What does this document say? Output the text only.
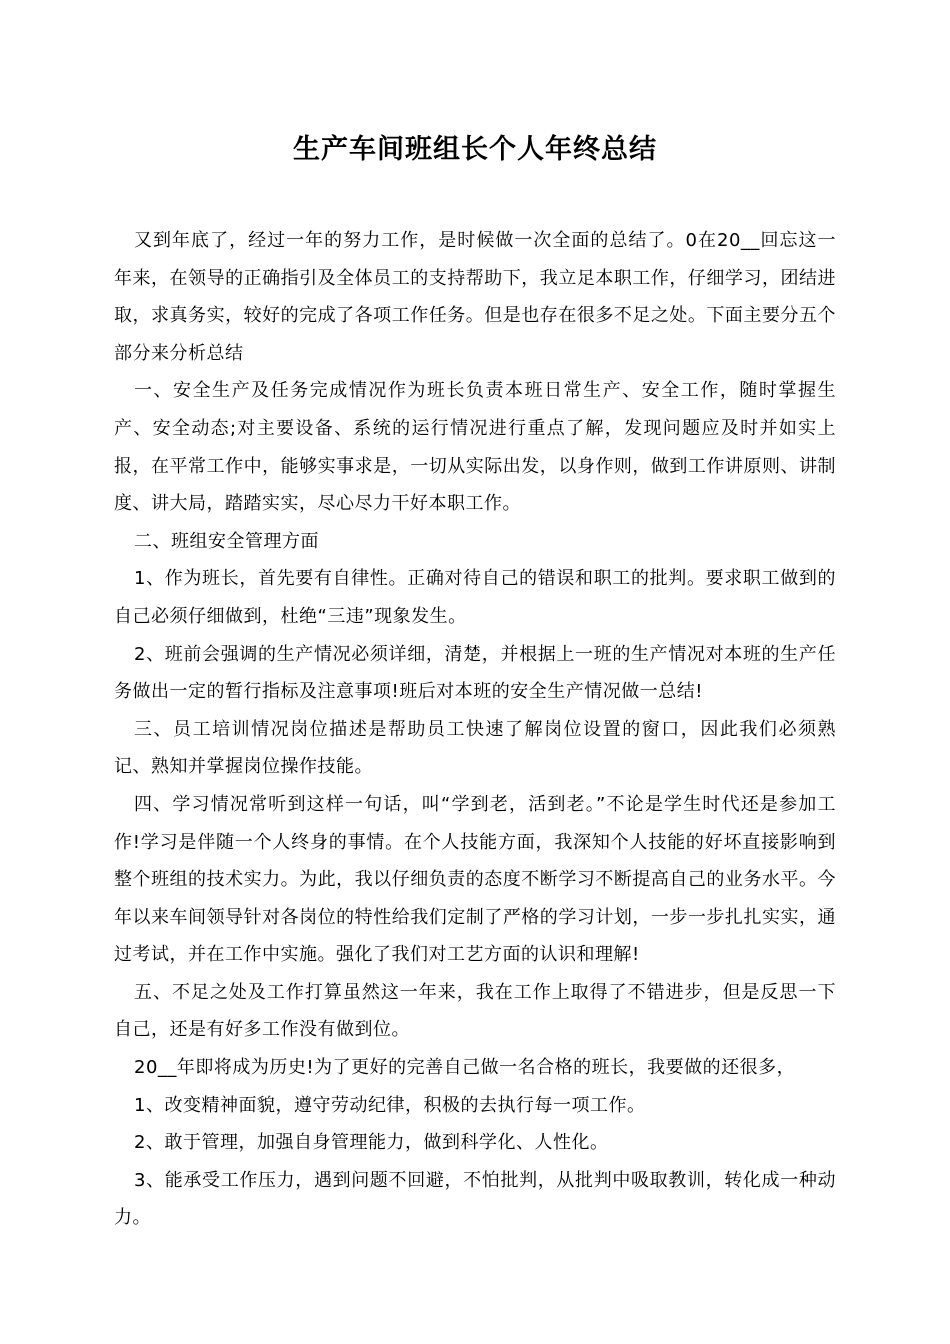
生产车间班组长个人年终总结

又到年底了，经过一年的努力工作，是时候做一次全面的总结了。0在20__回忘这一年来，在领导的正确指引及全体员工的支持帮助下，我立足本职工作，仔细学习，团结进取，求真务实，较好的完成了各项工作任务。但是也存在很多不足之处。下面主要分五个部分来分析总结

一、安全生产及任务完成情况作为班长负责本班日常生产、安全工作，随时掌握生产、安全动态;对主要设备、系统的运行情况进行重点了解，发现问题应及时并如实上报，在平常工作中，能够实事求是，一切从实际出发，以身作则，做到工作讲原则、讲制度、讲大局，踏踏实实，尽心尽力干好本职工作。

二、班组安全管理方面

1、作为班长，首先要有自律性。正确对待自己的错误和职工的批判。要求职工做到的自己必须仔细做到，杜绝“三违”现象发生。

2、班前会强调的生产情况必须详细，清楚，并根据上一班的生产情况对本班的生产任务做出一定的暂行指标及注意事项!班后对本班的安全生产情况做一总结!

三、员工培训情况岗位描述是帮助员工快速了解岗位设置的窗口，因此我们必须熟记、熟知并掌握岗位操作技能。

四、学习情况常听到这样一句话，叫“学到老，活到老。”不论是学生时代还是参加工作!学习是伴随一个人终身的事情。在个人技能方面，我深知个人技能的好坏直接影响到整个班组的技术实力。为此，我以仔细负责的态度不断学习不断提高自己的业务水平。今年以来车间领导针对各岗位的特性给我们定制了严格的学习计划，一步一步扎扎实实，通过考试，并在工作中实施。强化了我们对工艺方面的认识和理解!

五、不足之处及工作打算虽然这一年来，我在工作上取得了不错进步，但是反思一下自己，还是有好多工作没有做到位。

20__年即将成为历史!为了更好的完善自己做一名合格的班长，我要做的还很多，

1、改变精神面貌，遵守劳动纪律，积极的去执行每一项工作。

2、敢于管理，加强自身管理能力，做到科学化、人性化。

3、能承受工作压力，遇到问题不回避，不怕批判，从批判中吸取教训，转化成一种动力。
